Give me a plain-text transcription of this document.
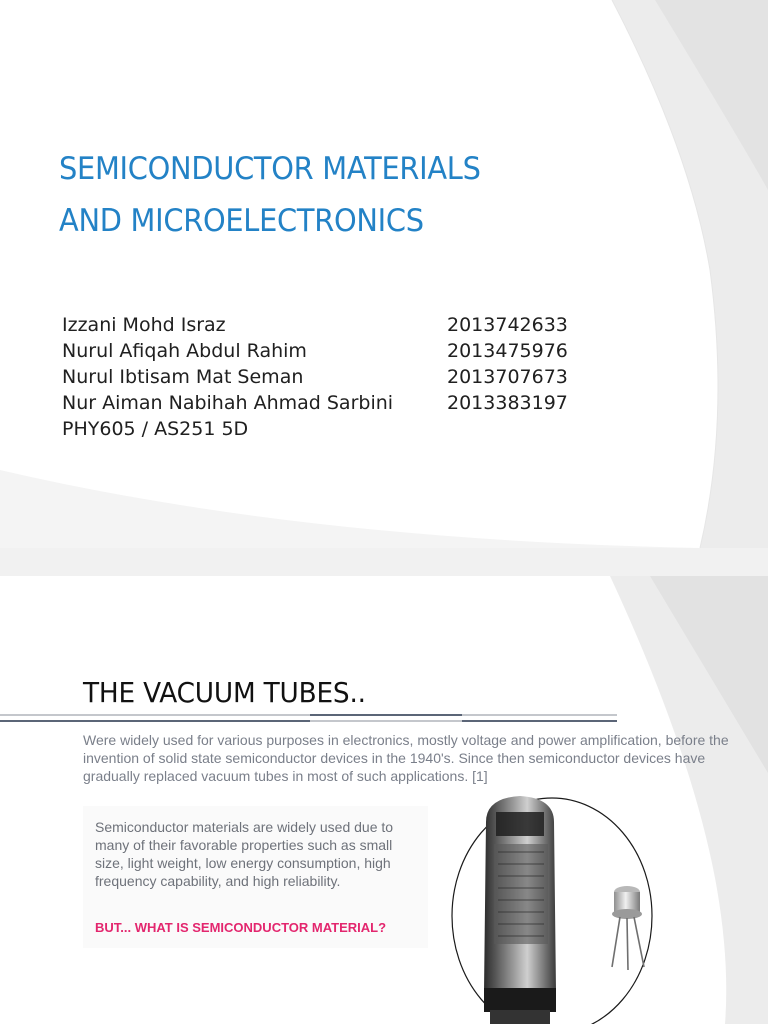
SEMICONDUCTOR MATERIALS
AND MICROELECTRONICS
Izzani Mohd Israz	2013742633
Nurul Afiqah Abdul Rahim	2013475976
Nurul Ibtisam Mat Seman	2013707673
Nur Aiman Nabihah Ahmad Sarbini	2013383197
PHY605 / AS251 5D
THE VACUUM TUBES..

Were widely used for various purposes in electronics, mostly voltage and power amplification, before the invention of solid state semiconductor devices in the 1940's. Since then semiconductor devices have gradually replaced vacuum tubes in most of such applications. [1]

Semiconductor materials are widely used due to many of their favorable properties such as small size, light weight, low energy consumption, high frequency capability, and high reliability.

BUT... WHAT IS SEMICONDUCTOR MATERIAL?
